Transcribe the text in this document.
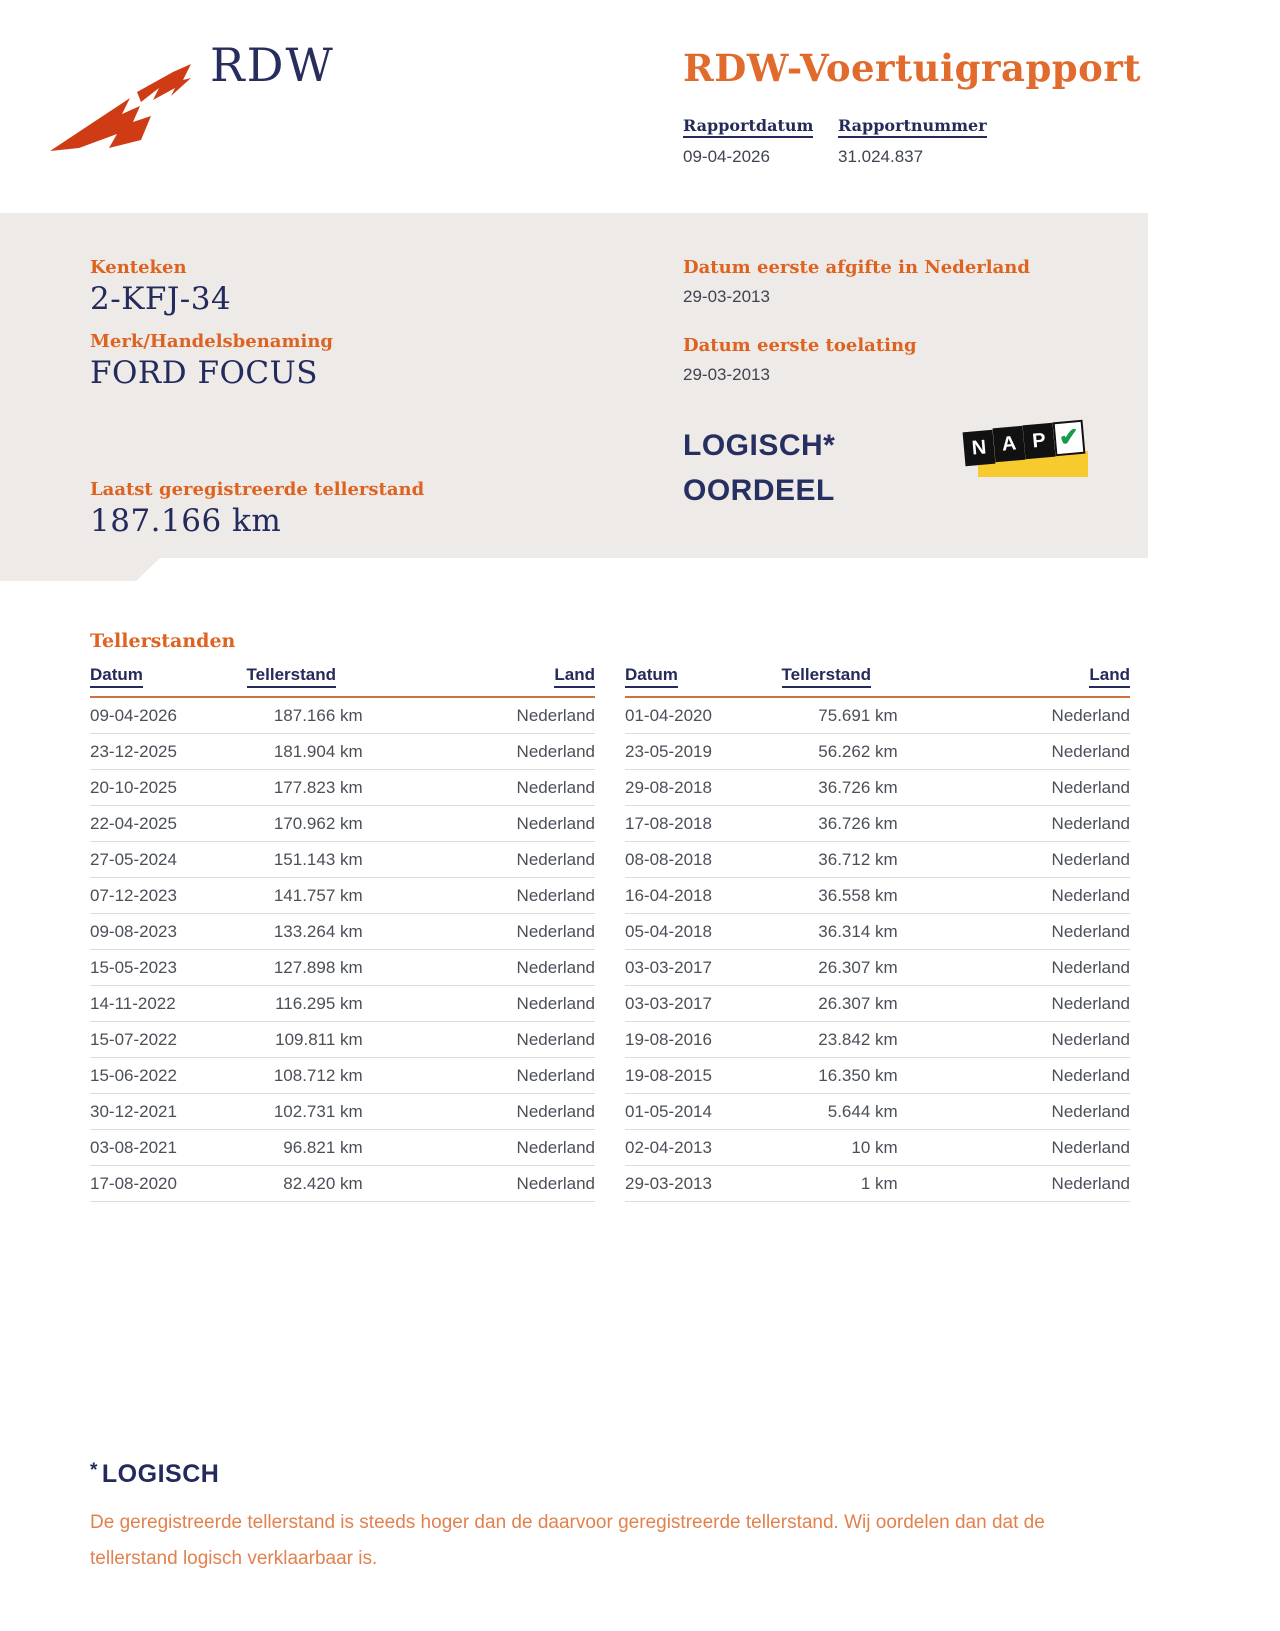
RDW	RDW-Voertuigrapport
Rapportdatum
09-04-2026
Rapportnummer
31.024.837
Kenteken
2-KFJ-34
Merk/Handelsbenaming
FORD FOCUS
Laatst geregistreerde tellerstand
187.166 km
Datum eerste afgifte in Nederland
29-03-2013
Datum eerste toelating
29-03-2013
LOGISCH*
OORDEEL
N A P ✔
Tellerstanden
Datum	Tellerstand	Land
09-04-2026	187.166 km	Nederland
23-12-2025	181.904 km	Nederland
20-10-2025	177.823 km	Nederland
22-04-2025	170.962 km	Nederland
27-05-2024	151.143 km	Nederland
07-12-2023	141.757 km	Nederland
09-08-2023	133.264 km	Nederland
15-05-2023	127.898 km	Nederland
14-11-2022	116.295 km	Nederland
15-07-2022	109.811 km	Nederland
15-06-2022	108.712 km	Nederland
30-12-2021	102.731 km	Nederland
03-08-2021	96.821 km	Nederland
17-08-2020	82.420 km	Nederland
Datum	Tellerstand	Land
01-04-2020	75.691 km	Nederland
23-05-2019	56.262 km	Nederland
29-08-2018	36.726 km	Nederland
17-08-2018	36.726 km	Nederland
08-08-2018	36.712 km	Nederland
16-04-2018	36.558 km	Nederland
05-04-2018	36.314 km	Nederland
03-03-2017	26.307 km	Nederland
03-03-2017	26.307 km	Nederland
19-08-2016	23.842 km	Nederland
19-08-2015	16.350 km	Nederland
01-05-2014	5.644 km	Nederland
02-04-2013	10 km	Nederland
29-03-2013	1 km	Nederland
* LOGISCH
De geregistreerde tellerstand is steeds hoger dan de daarvoor geregistreerde tellerstand. Wij oordelen dan dat de tellerstand logisch verklaarbaar is.
